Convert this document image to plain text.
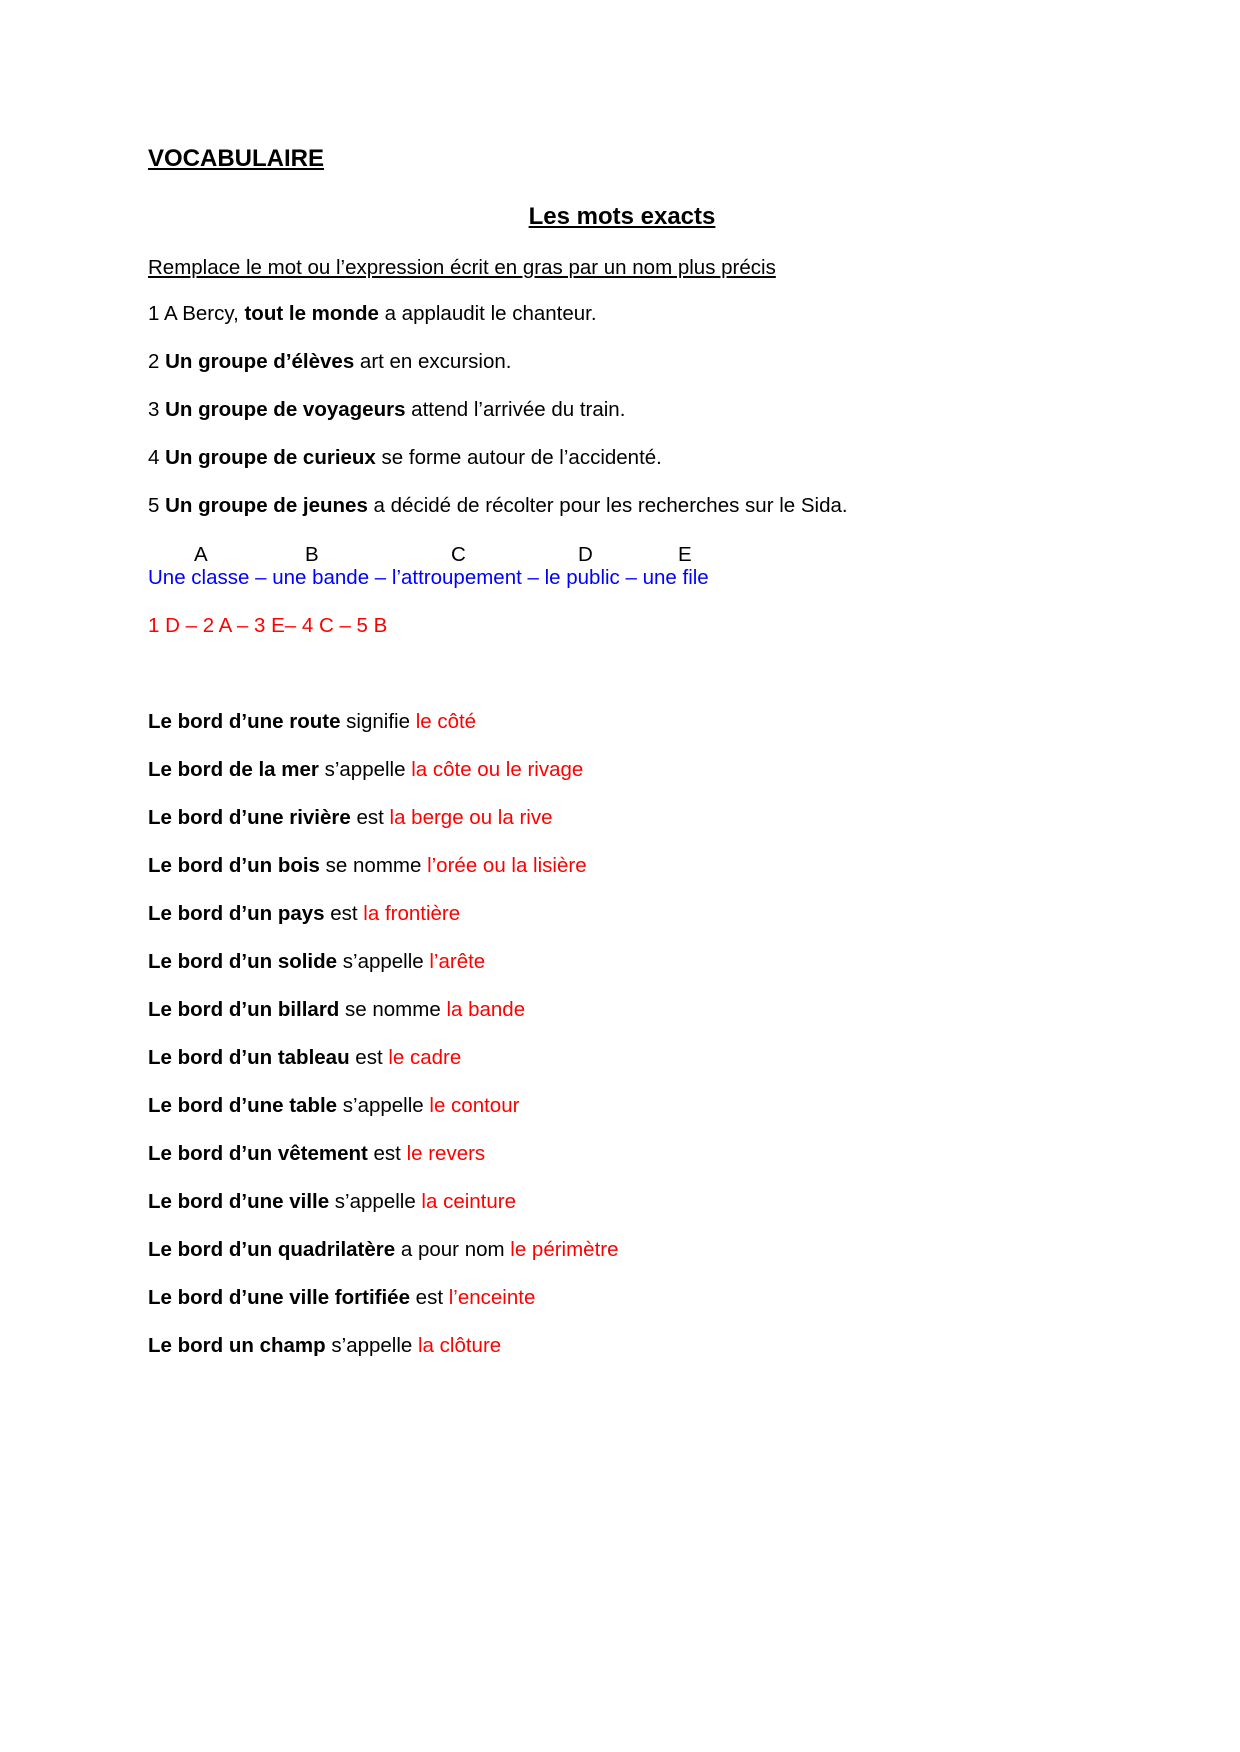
VOCABULAIRE
Les mots exacts
Remplace le mot ou l’expression écrit en gras par un nom plus précis
1 A Bercy, tout le monde a applaudit le chanteur.
2 Un groupe d’élèves art en excursion.
3 Un groupe de voyageurs attend l’arrivée du train.
4 Un groupe de curieux se forme autour de l’accidenté.
5 Un groupe de jeunes a décidé de récolter pour les recherches sur le Sida.
A	B	C	D	E
Une classe – une bande – l’attroupement – le public – une file
1 D – 2 A – 3 E– 4 C – 5 B
Le bord d’une route signifie le côté
Le bord de la mer s’appelle la côte ou le rivage
Le bord d’une rivière est la berge ou la rive
Le bord d’un bois se nomme l’orée ou la lisière
Le bord d’un pays est la frontière
Le bord d’un solide s’appelle l’arête
Le bord d’un billard se nomme la bande
Le bord d’un tableau est le cadre
Le bord d’une table s’appelle le contour
Le bord d’un vêtement est le revers
Le bord d’une ville s’appelle la ceinture
Le bord d’un quadrilatère a pour nom le périmètre
Le bord d’une ville fortifiée est l’enceinte
Le bord un champ s’appelle la clôture
